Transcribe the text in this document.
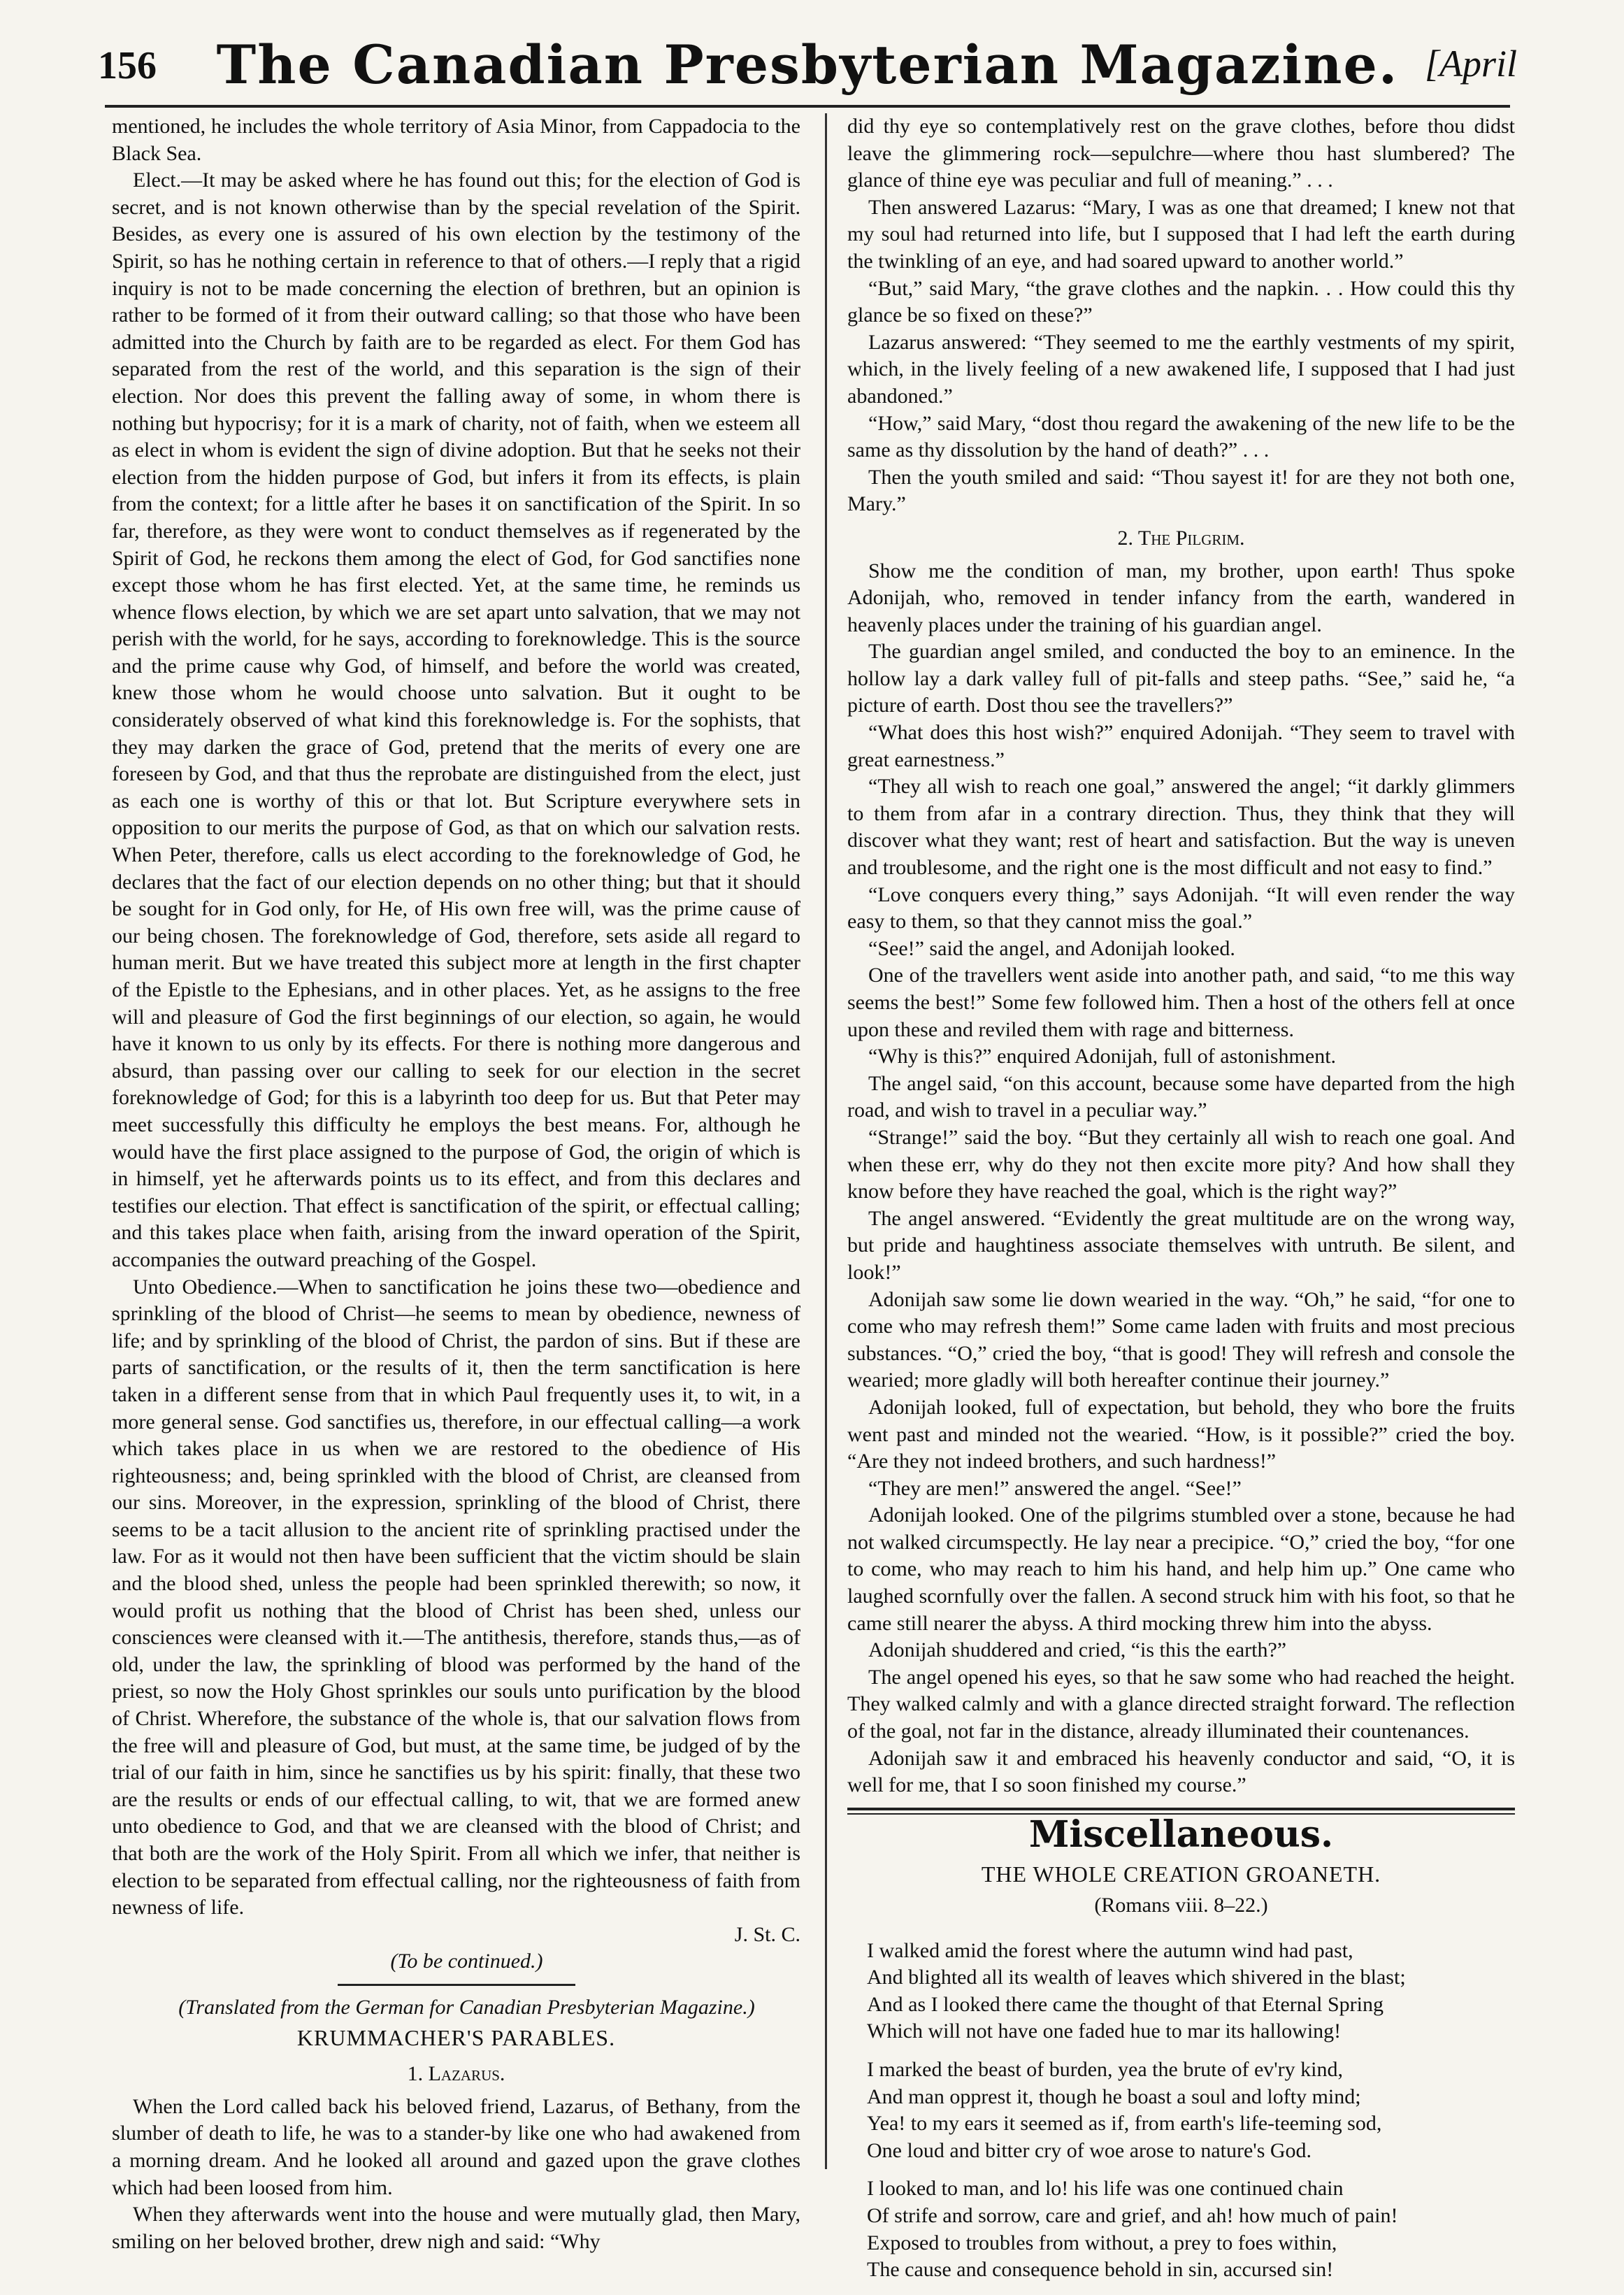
156	The Canadian Presbyterian Magazine. [April

mentioned, he includes the whole territory of Asia Minor, from Cappadocia to the Black Sea.

Elect.—It may be asked where he has found out this; for the election of God is secret, and is not known otherwise than by the special revelation of the Spirit. Besides, as every one is assured of his own election by the testimony of the Spirit, so has he nothing certain in reference to that of others.—I reply that a rigid inquiry is not to be made concerning the election of brethren, but an opinion is rather to be formed of it from their outward calling; so that those who have been admitted into the Church by faith are to be regarded as elect. For them God has separated from the rest of the world, and this separation is the sign of their election. Nor does this prevent the falling away of some, in whom there is nothing but hypocrisy; for it is a mark of charity, not of faith, when we esteem all as elect in whom is evident the sign of divine adoption. But that he seeks not their election from the hidden purpose of God, but infers it from its effects, is plain from the context; for a little after he bases it on sanctification of the Spirit. In so far, therefore, as they were wont to conduct themselves as if regenerated by the Spirit of God, he reckons them among the elect of God, for God sanctifies none except those whom he has first elected. Yet, at the same time, he reminds us whence flows election, by which we are set apart unto salvation, that we may not perish with the world, for he says, according to foreknowledge. This is the source and the prime cause why God, of himself, and before the world was created, knew those whom he would choose unto salvation. But it ought to be considerately observed of what kind this foreknowledge is. For the sophists, that they may darken the grace of God, pretend that the merits of every one are foreseen by God, and that thus the reprobate are distinguished from the elect, just as each one is worthy of this or that lot. But Scripture everywhere sets in opposition to our merits the purpose of God, as that on which our salvation rests. When Peter, therefore, calls us elect according to the foreknowledge of God, he declares that the fact of our election depends on no other thing; but that it should be sought for in God only, for He, of His own free will, was the prime cause of our being chosen. The foreknowledge of God, therefore, sets aside all regard to human merit. But we have treated this subject more at length in the first chapter of the Epistle to the Ephesians, and in other places. Yet, as he assigns to the free will and pleasure of God the first beginnings of our election, so again, he would have it known to us only by its effects. For there is nothing more dangerous and absurd, than passing over our calling to seek for our election in the secret foreknowledge of God; for this is a labyrinth too deep for us. But that Peter may meet successfully this difficulty he employs the best means. For, although he would have the first place assigned to the purpose of God, the origin of which is in himself, yet he afterwards points us to its effect, and from this declares and testifies our election. That effect is sanctification of the spirit, or effectual calling; and this takes place when faith, arising from the inward operation of the Spirit, accompanies the outward preaching of the Gospel.

Unto Obedience.—When to sanctification he joins these two—obedience and sprinkling of the blood of Christ—he seems to mean by obedience, newness of life; and by sprinkling of the blood of Christ, the pardon of sins. But if these are parts of sanctification, or the results of it, then the term sanctification is here taken in a different sense from that in which Paul frequently uses it, to wit, in a more general sense. God sanctifies us, therefore, in our effectual calling—a work which takes place in us when we are restored to the obedience of His righteousness; and, being sprinkled with the blood of Christ, are cleansed from our sins. Moreover, in the expression, sprinkling of the blood of Christ, there seems to be a tacit allusion to the ancient rite of sprinkling practised under the law. For as it would not then have been sufficient that the victim should be slain and the blood shed, unless the people had been sprinkled therewith; so now, it would profit us nothing that the blood of Christ has been shed, unless our consciences were cleansed with it.—The antithesis, therefore, stands thus,—as of old, under the law, the sprinkling of blood was performed by the hand of the priest, so now the Holy Ghost sprinkles our souls unto purification by the blood of Christ. Wherefore, the substance of the whole is, that our salvation flows from the free will and pleasure of God, but must, at the same time, be judged of by the trial of our faith in him, since he sanctifies us by his spirit: finally, that these two are the results or ends of our effectual calling, to wit, that we are formed anew unto obedience to God, and that we are cleansed with the blood of Christ; and that both are the work of the Holy Spirit. From all which we infer, that neither is election to be separated from effectual calling, nor the righteousness of faith from newness of life.

J. St. C.

(To be continued.)

(Translated from the German for Canadian Presbyterian Magazine.)

KRUMMACHER'S PARABLES.
1. Lazarus.

When the Lord called back his beloved friend, Lazarus, of Bethany, from the slumber of death to life, he was to a stander-by like one who had awakened from a morning dream. And he looked all around and gazed upon the grave clothes which had been loosed from him.

When they afterwards went into the house and were mutually glad, then Mary, smiling on her beloved brother, drew nigh and said: “Why

did thy eye so contemplatively rest on the grave clothes, before thou didst leave the glimmering rock—sepulchre—where thou hast slumbered? The glance of thine eye was peculiar and full of meaning.” . . .

Then answered Lazarus: “Mary, I was as one that dreamed; I knew not that my soul had returned into life, but I supposed that I had left the earth during the twinkling of an eye, and had soared upward to another world.”

“But,” said Mary, “the grave clothes and the napkin. . . How could this thy glance be so fixed on these?”

Lazarus answered: “They seemed to me the earthly vestments of my spirit, which, in the lively feeling of a new awakened life, I supposed that I had just abandoned.”

“How,” said Mary, “dost thou regard the awakening of the new life to be the same as thy dissolution by the hand of death?” . . .

Then the youth smiled and said: “Thou sayest it! for are they not both one, Mary.”

2. The Pilgrim.

Show me the condition of man, my brother, upon earth! Thus spoke Adonijah, who, removed in tender infancy from the earth, wandered in heavenly places under the training of his guardian angel.

The guardian angel smiled, and conducted the boy to an eminence. In the hollow lay a dark valley full of pit-falls and steep paths. “See,” said he, “a picture of earth. Dost thou see the travellers?”

“What does this host wish?” enquired Adonijah. “They seem to travel with great earnestness.”

“They all wish to reach one goal,” answered the angel; “it darkly glimmers to them from afar in a contrary direction. Thus, they think that they will discover what they want; rest of heart and satisfaction. But the way is uneven and troublesome, and the right one is the most difficult and not easy to find.”

“Love conquers every thing,” says Adonijah. “It will even render the way easy to them, so that they cannot miss the goal.”

“See!” said the angel, and Adonijah looked.

One of the travellers went aside into another path, and said, “to me this way seems the best!” Some few followed him. Then a host of the others fell at once upon these and reviled them with rage and bitterness.

“Why is this?” enquired Adonijah, full of astonishment.

The angel said, “on this account, because some have departed from the high road, and wish to travel in a peculiar way.”

“Strange!” said the boy. “But they certainly all wish to reach one goal. And when these err, why do they not then excite more pity? And how shall they know before they have reached the goal, which is the right way?”

The angel answered. “Evidently the great multitude are on the wrong way, but pride and haughtiness associate themselves with untruth. Be silent, and look!”

Adonijah saw some lie down wearied in the way. “Oh,” he said, “for one to come who may refresh them!” Some came laden with fruits and most precious substances. “O,” cried the boy, “that is good! They will refresh and console the wearied; more gladly will both hereafter continue their journey.”

Adonijah looked, full of expectation, but behold, they who bore the fruits went past and minded not the wearied. “How, is it possible?” cried the boy. “Are they not indeed brothers, and such hardness!”

“They are men!” answered the angel. “See!”

Adonijah looked. One of the pilgrims stumbled over a stone, because he had not walked circumspectly. He lay near a precipice. “O,” cried the boy, “for one to come, who may reach to him his hand, and help him up.” One came who laughed scornfully over the fallen. A second struck him with his foot, so that he came still nearer the abyss. A third mocking threw him into the abyss.

Adonijah shuddered and cried, “is this the earth?”

The angel opened his eyes, so that he saw some who had reached the height. They walked calmly and with a glance directed straight forward. The reflection of the goal, not far in the distance, already illuminated their countenances.

Adonijah saw it and embraced his heavenly conductor and said, “O, it is well for me, that I so soon finished my course.”

Miscellaneous.
THE WHOLE CREATION GROANETH.
(Romans viii. 8–22.)
I walked amid the forest where the autumn wind had past,
And blighted all its wealth of leaves which shivered in the blast;
And as I looked there came the thought of that Eternal Spring
Which will not have one faded hue to mar its hallowing!
I marked the beast of burden, yea the brute of ev'ry kind,
And man opprest it, though he boast a soul and lofty mind;
Yea! to my ears it seemed as if, from earth's life-teeming sod,
One loud and bitter cry of woe arose to nature's God.
I looked to man, and lo! his life was one continued chain
Of strife and sorrow, care and grief, and ah! how much of pain!
Exposed to troubles from without, a prey to foes within,
The cause and consequence behold in sin, accursed sin!
